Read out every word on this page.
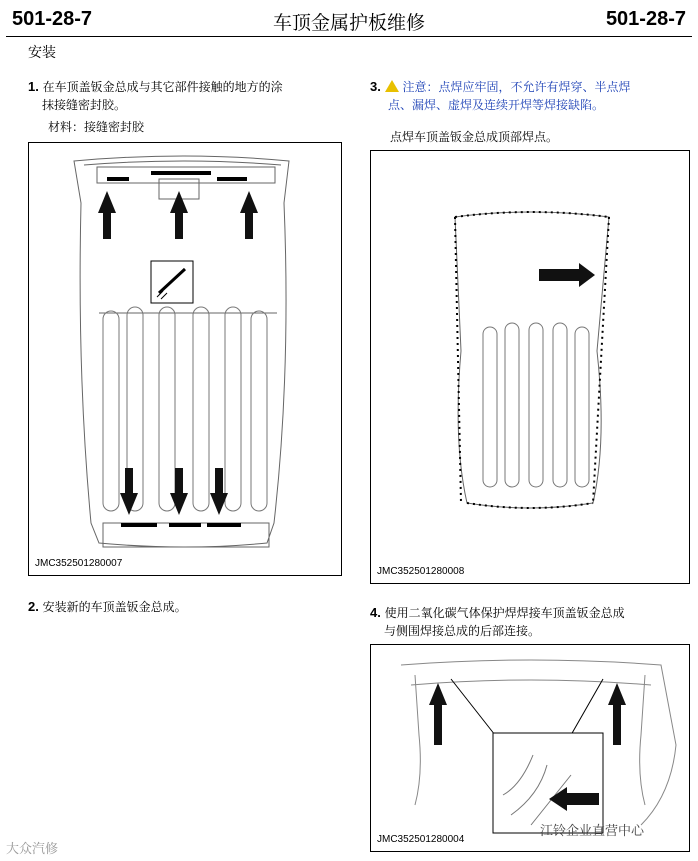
501-28-7	车顶金属护板维修	501-28-7
安装
1. 在车顶盖钣金总成与其它部件接触的地方的涂
抹接缝密封胶。
材料：接缝密封胶
JMC352501280007
2. 安装新的车顶盖钣金总成。
3. 注意：点焊应牢固，不允许有焊穿、半点焊
点、漏焊、虚焊及连续开焊等焊接缺陷。
点焊车顶盖钣金总成顶部焊点。
JMC352501280008
4. 使用二氧化碳气体保护焊焊接车顶盖钣金总成
与侧围焊接总成的后部连接。
JMC352501280004
大众汽修
江铃企业直营中心
